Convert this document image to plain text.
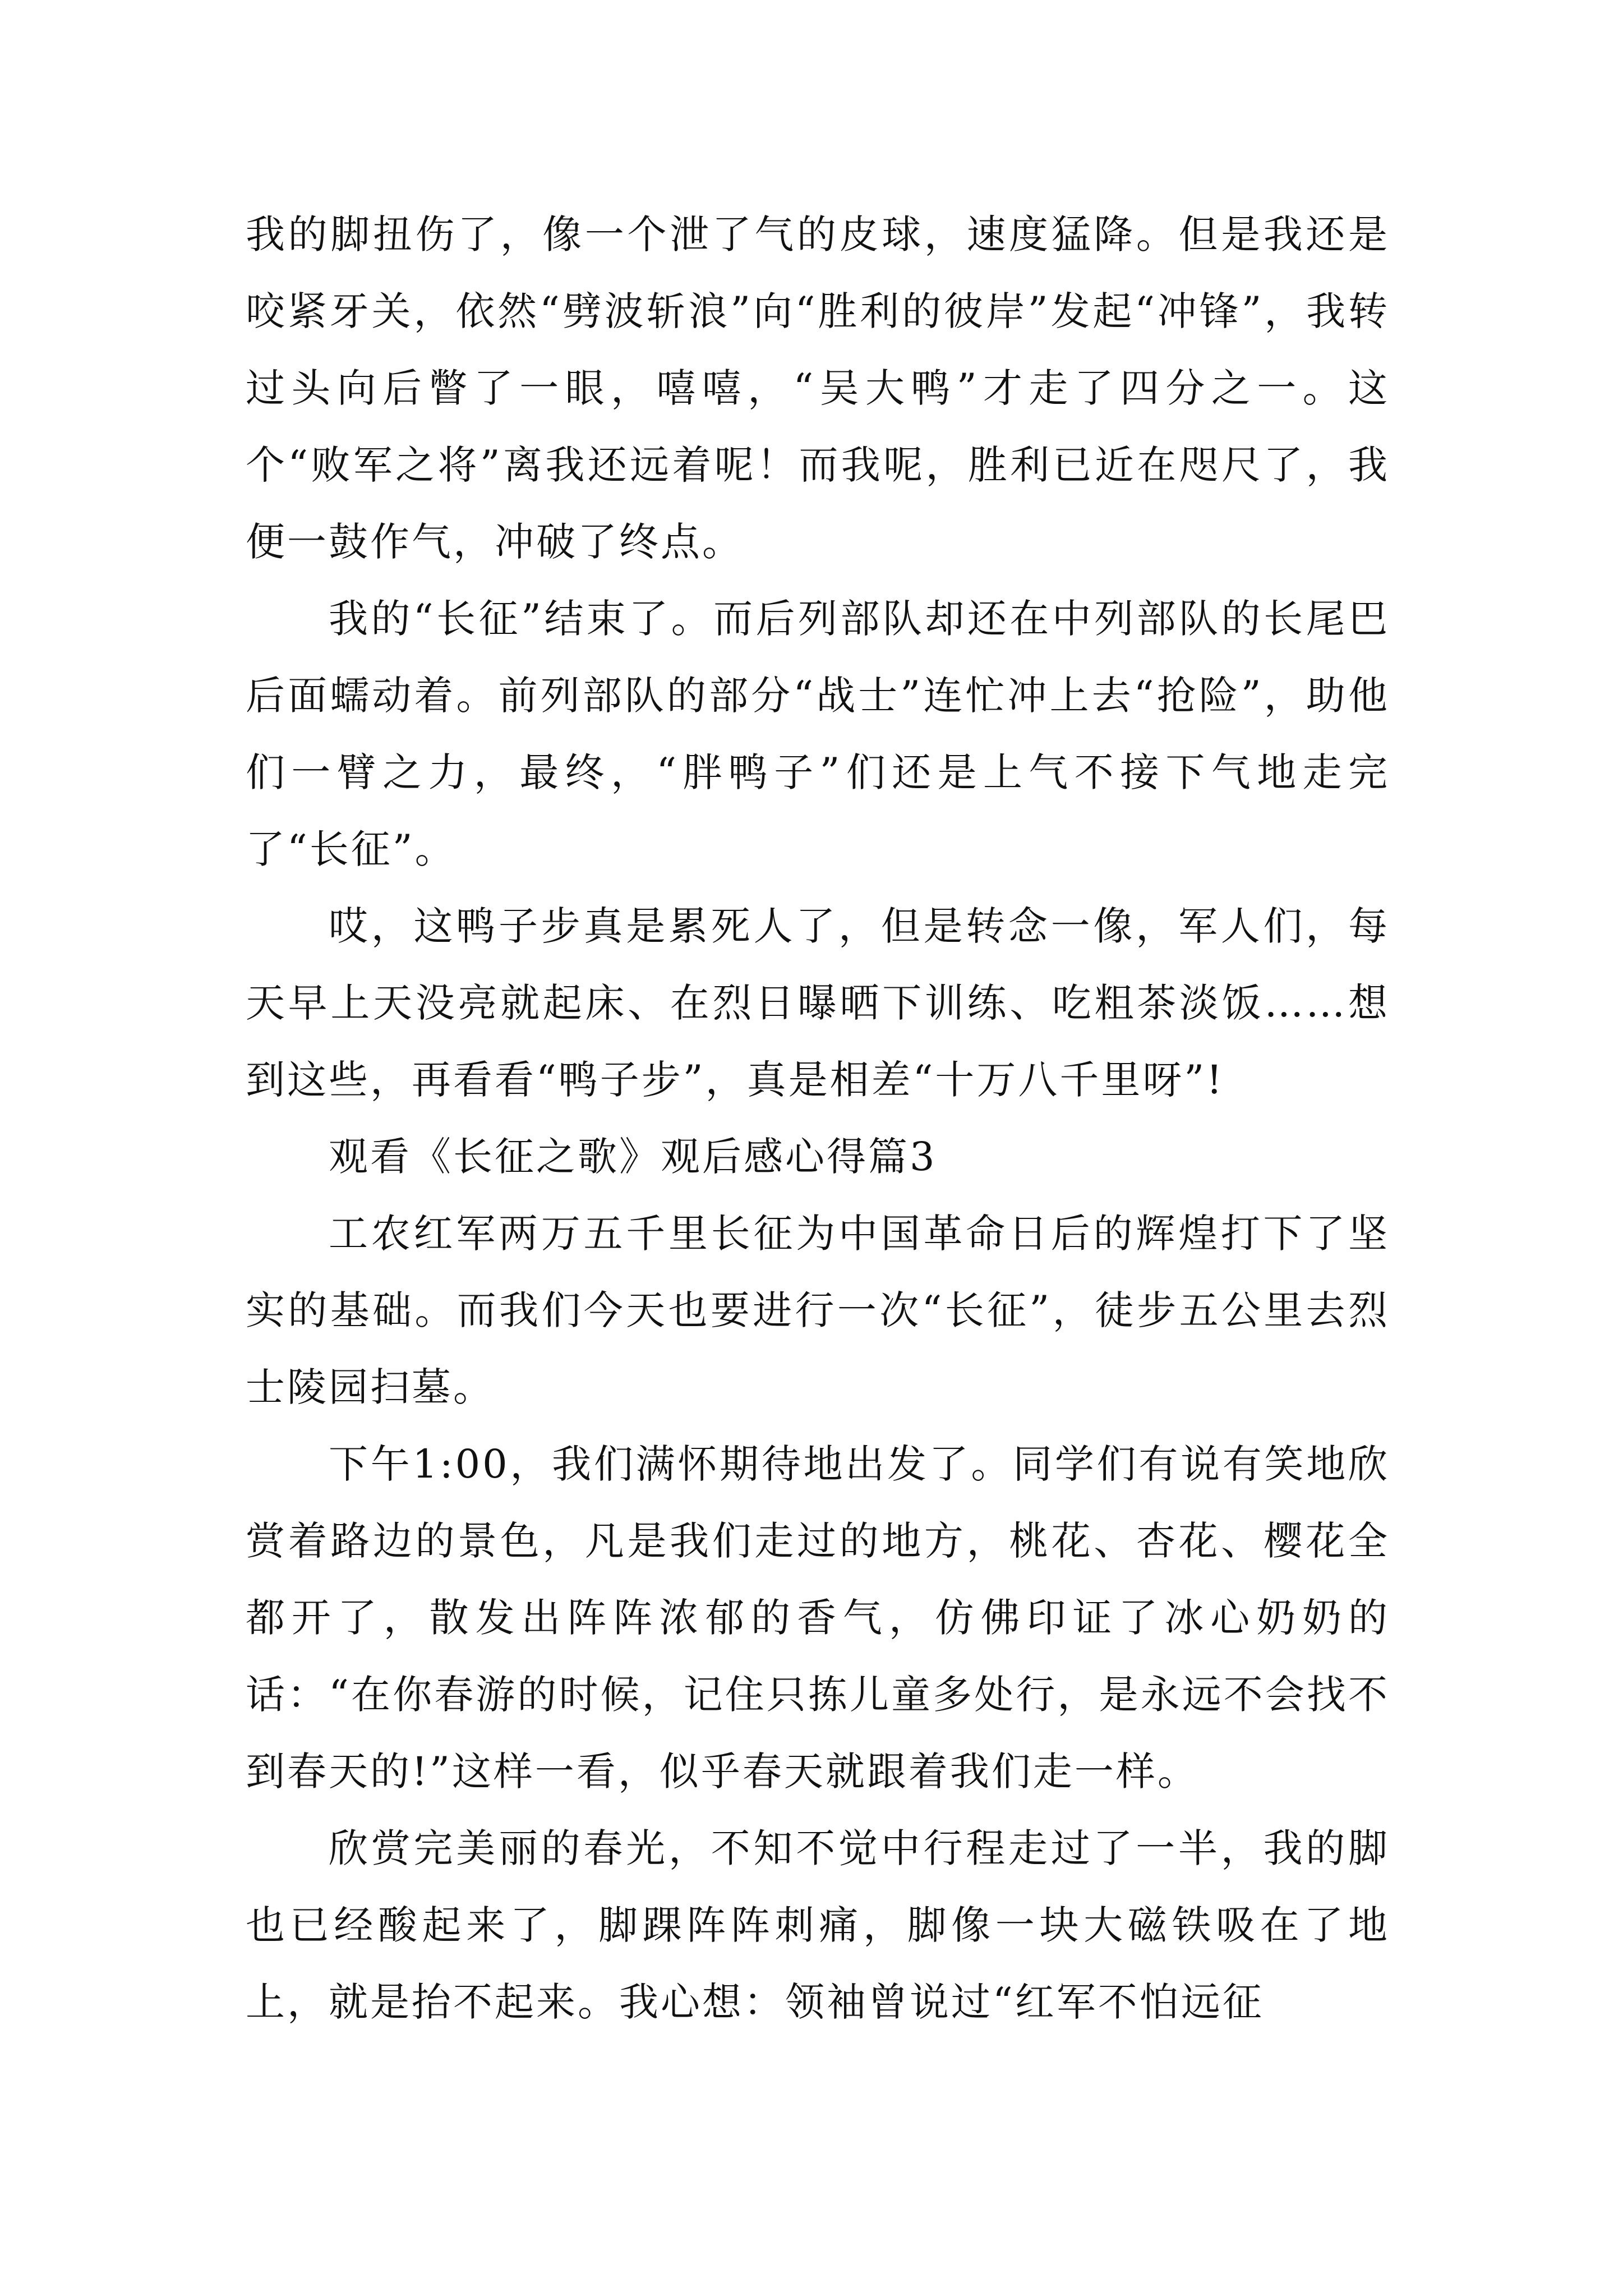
我的脚扭伤了，像一个泄了气的皮球，速度猛降。但是我还是咬紧牙关，依然“劈波斩浪”向“胜利的彼岸”发起“冲锋”，我转过头向后瞥了一眼，嘻嘻，“吴大鸭”才走了四分之一。这个“败军之将”离我还远着呢！而我呢，胜利已近在咫尺了，我便一鼓作气，冲破了终点。

我的“长征”结束了。而后列部队却还在中列部队的长尾巴后面蠕动着。前列部队的部分“战士”连忙冲上去“抢险”，助他们一臂之力，最终，“胖鸭子”们还是上气不接下气地走完了“长征”。

哎，这鸭子步真是累死人了，但是转念一像，军人们，每天早上天没亮就起床、在烈日曝晒下训练、吃粗茶淡饭……想到这些，再看看“鸭子步”，真是相差“十万八千里呀”!

观看《长征之歌》观后感心得篇3

工农红军两万五千里长征为中国革命日后的辉煌打下了坚实的基础。而我们今天也要进行一次“长征”，徒步五公里去烈士陵园扫墓。

下午1:00，我们满怀期待地出发了。同学们有说有笑地欣赏着路边的景色，凡是我们走过的地方，桃花、杏花、樱花全都开了，散发出阵阵浓郁的香气，仿佛印证了冰心奶奶的话：“在你春游的时候，记住只拣儿童多处行，是永远不会找不到春天的!”这样一看，似乎春天就跟着我们走一样。

欣赏完美丽的春光，不知不觉中行程走过了一半，我的脚也已经酸起来了，脚踝阵阵刺痛，脚像一块大磁铁吸在了地上，就是抬不起来。我心想：领袖曾说过“红军不怕远征
